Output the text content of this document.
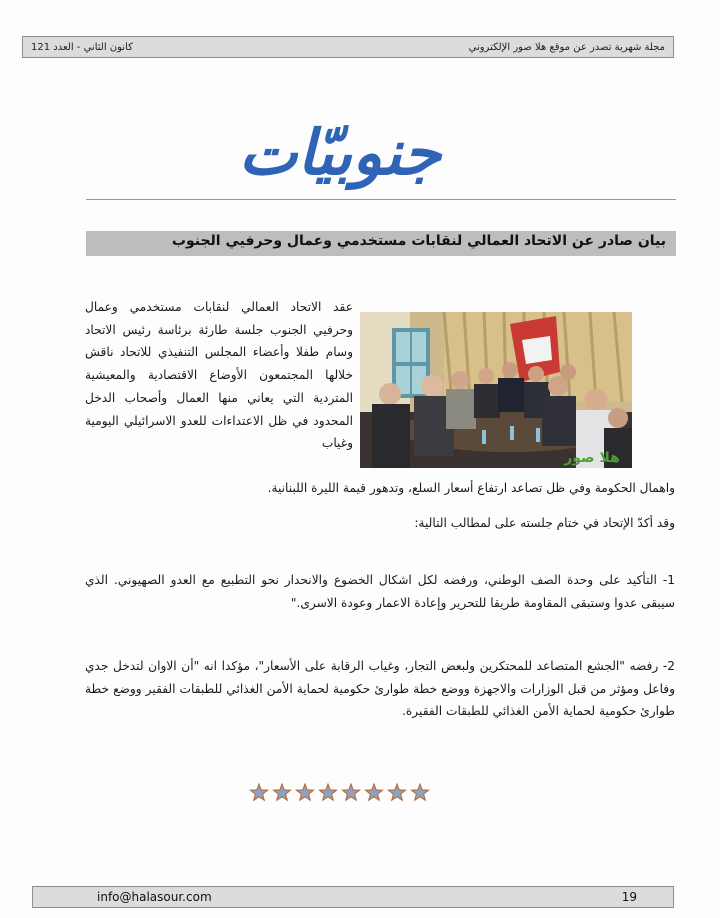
كانون الثاني - العدد 121	مجلة شهرية تصدر عن موقع هلا صور الإلكتروني
جنوبيّات
بيان صادر عن الاتحاد العمالي لنقابات مستخدمي وعمال وحرفيي الجنوب
هلا صور
عقد الاتحاد العمالي لنقابات مستخدمي وعمال وحرفيي الجنوب جلسة طارئة برئاسة رئيس الاتحاد وسام طفلا وأعضاء المجلس التنفيذي للاتحاد ناقش خلالها المجتمعون الأوضاع الاقتصادية والمعيشية المتردية التي يعاني منها العمال وأصحاب الدخل المحدود في ظل الاعتداءات للعدو الاسرائيلي اليومية وغياب
واهمال الحكومة وفي ظل تصاعد ارتفاع أسعار السلع، وتدهور قيمة الليرة اللبنانية.
وقد أكدّ الإتحاد في ختام جلسته على لمطالب التالية:
1- التأكيد على وحدة الصف الوطني، ورفضه لكل اشكال الخضوع والانحدار نحو التطبيع مع العدو الصهيوني. الذي سيبقى عدوا وستبقى المقاومة طريقا للتحرير وإعادة الاعمار وعودة الاسرى."
2- رفضه "الجشع المتصاعد للمحتكرين ولبعض التجار، وغياب الرقابة على الأسعار"، مؤكدا انه "أن الاوان لتدخل جدي وفاعل ومؤثر من قبل الوزارات والاجهزة ووضع خطة طوارئ حكومية لحماية الأمن الغذائي للطبقات الفقير ووضع خطة طوارئ حكومية لحماية الأمن الغذائي للطبقات الفقيرة.
info@halasour.com	19
